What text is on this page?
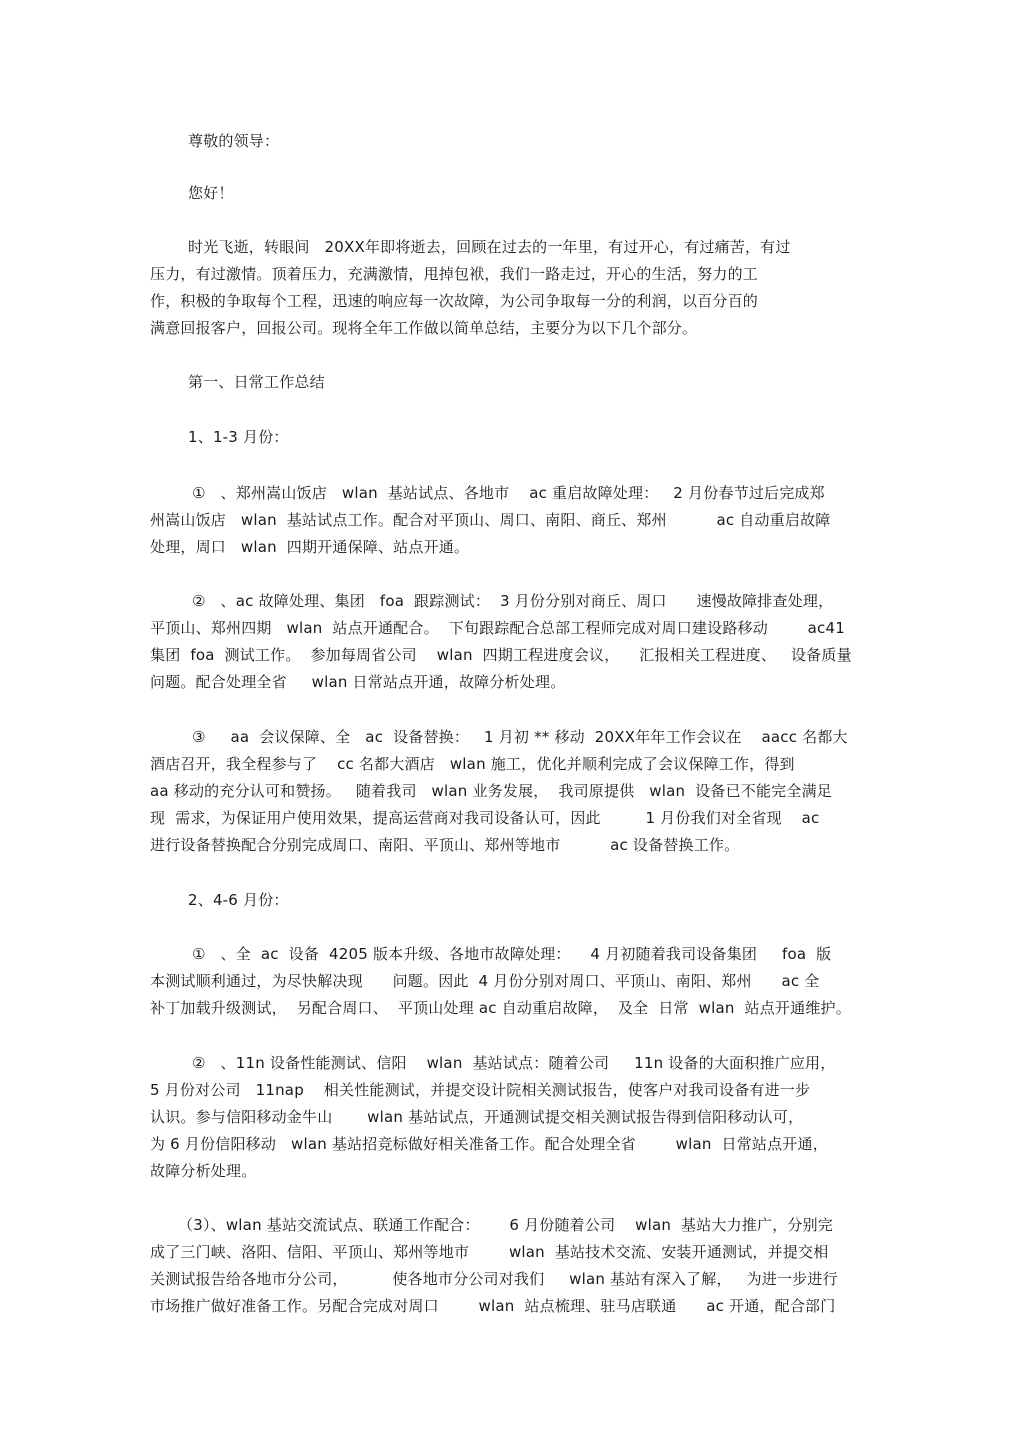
尊敬的领导：
您好！
时光飞逝，转眼间   20XX年即将逝去，回顾在过去的一年里，有过开心，有过痛苦，有过
压力，有过激情。顶着压力，充满激情，甩掉包袱，我们一路走过，开心的生活，努力的工
作，积极的争取每个工程，迅速的响应每一次故障，为公司争取每一分的利润，以百分百的
满意回报客户，回报公司。现将全年工作做以简单总结，主要分为以下几个部分。
第一、日常工作总结
1、1-3 月份：
①   、郑州嵩山饭店   wlan  基站试点、各地市    ac 重启故障处理：   2 月份春节过后完成郑
州嵩山饭店   wlan  基站试点工作。配合对平顶山、周口、南阳、商丘、郑州          ac 自动重启故障
处理，周口   wlan  四期开通保障、站点开通。
②   、ac 故障处理、集团   foa  跟踪测试：  3 月份分别对商丘、周口      速慢故障排查处理，
平顶山、郑州四期   wlan  站点开通配合。  下旬跟踪配合总部工程师完成对周口建设路移动        ac41
集团  foa  测试工作。  参加每周省公司    wlan  四期工程进度会议，    汇报相关工程进度、   设备质量
问题。配合处理全省     wlan 日常站点开通，故障分析处理。
③     aa  会议保障、全   ac  设备替换：   1 月初 ** 移动  20XX年年工作会议在    aacc 名都大
酒店召开，我全程参与了    cc 名都大酒店   wlan 施工，优化并顺利完成了会议保障工作，得到
aa 移动的充分认可和赞扬。   随着我司   wlan 业务发展，  我司原提供   wlan  设备已不能完全满足
现  需求，为保证用户使用效果，提高运营商对我司设备认可，因此         1 月份我们对全省现    ac
进行设备替换配合分别完成周口、南阳、平顶山、郑州等地市          ac 设备替换工作。
2、4-6 月份：
①   、全  ac  设备  4205 版本升级、各地市故障处理：    4 月初随着我司设备集团     foa  版
本测试顺利通过，为尽快解决现      问题。因此  4 月份分别对周口、平顶山、南阳、郑州      ac 全
补丁加载升级测试，  另配合周口、  平顶山处理 ac 自动重启故障，  及全  日常  wlan  站点开通维护。
②   、11n 设备性能测试、信阳    wlan  基站试点：随着公司     11n 设备的大面积推广应用，
5 月份对公司   11nap    相关性能测试，并提交设计院相关测试报告，使客户对我司设备有进一步
认识。参与信阳移动金牛山       wlan 基站试点，开通测试提交相关测试报告得到信阳移动认可，
为 6 月份信阳移动   wlan 基站招竞标做好相关准备工作。配合处理全省        wlan  日常站点开通，
故障分析处理。
（3）、wlan 基站交流试点、联通工作配合：      6 月份随着公司    wlan  基站大力推广，分别完
成了三门峡、洛阳、信阳、平顶山、郑州等地市        wlan  基站技术交流、安装开通测试，并提交相
关测试报告给各地市分公司，         使各地市分公司对我们     wlan 基站有深入了解，   为进一步进行
市场推广做好准备工作。另配合完成对周口        wlan  站点梳理、驻马店联通      ac 开通，配合部门
